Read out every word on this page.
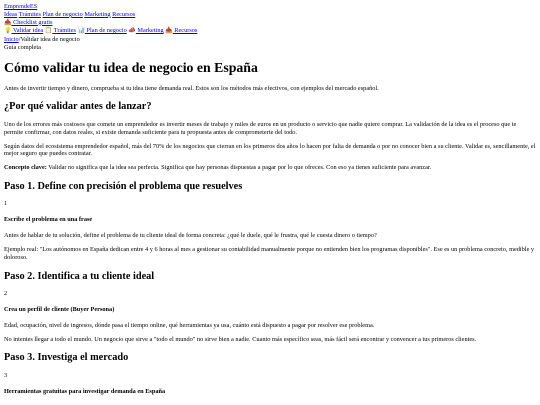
EmprendeES
Ideas Trámites Plan de negocio Marketing Recursos
📥 Checklist gratis
💡 Validar idea 📋 Trámites 📊 Plan de negocio 📣 Marketing 📥 Recursos
Inicio/Validar idea de negocio
Guía completa
Cómo validar tu idea de negocio en España

Antes de invertir tiempo y dinero, comprueba si tu idea tiene demanda real. Estos son los métodos más efectivos, con ejemplos del mercado español.

¿Por qué validar antes de lanzar?

Uno de los errores más costosos que comete un emprendedor es invertir meses de trabajo y miles de euros en un producto o servicio que nadie quiere comprar. La validación de la idea es el proceso que te permite confirmar, con datos reales, si existe demanda suficiente para tu propuesta antes de comprometerte del todo.

Según datos del ecosistema emprendedor español, más del 70% de los negocios que cierran en los primeros dos años lo hacen por falta de demanda o por no conocer bien a su cliente. Validar es, sencillamente, el mejor seguro que puedes contratar.

Concepto clave: Validar no significa que la idea sea perfecta. Significa que hay personas dispuestas a pagar por lo que ofreces. Con eso ya tienes suficiente para avanzar.

Paso 1. Define con precisión el problema que resuelves

1

Escribe el problema en una frase

Antes de hablar de tu solución, define el problema de tu cliente ideal de forma concreta: ¿qué le duele, qué le frustra, qué le cuesta dinero o tiempo?

Ejemplo real: "Los autónomos en España dedican entre 4 y 6 horas al mes a gestionar su contabilidad manualmente porque no entienden bien los programas disponibles". Ese es un problema concreto, medible y doloroso.

Paso 2. Identifica a tu cliente ideal

2

Crea un perfil de cliente (Buyer Persona)

Edad, ocupación, nivel de ingresos, dónde pasa el tiempo online, qué herramientas ya usa, cuánto está dispuesto a pagar por resolver ese problema.

No intentes llegar a todo el mundo. Un negocio que sirve a "todo el mundo" no sirve bien a nadie. Cuanto más específico seas, más fácil será encontrar y convencer a tus primeros clientes.

Paso 3. Investiga el mercado

3

Herramientas gratuitas para investigar demanda en España
